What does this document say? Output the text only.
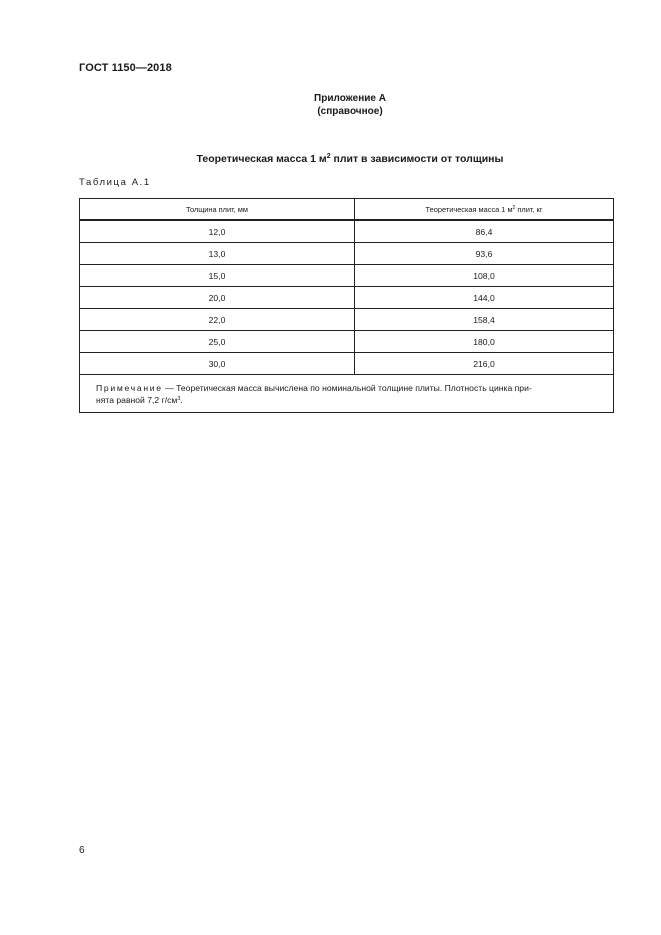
ГОСТ 1150—2018
Приложение А
(справочное)
Теоретическая масса 1 $м^2$ плит в зависимости от толщины
Таблица А.1
Толщина плит, мм	Теоретическая масса 1 $м^2$ плит, кг
12,0	86,4
13,0	93,6
15,0	108,0
20,0	144,0
22,0	158,4
25,0	180,0
30,0	216,0
Примечание — Теоретическая масса вычислена по номинальной толщине плиты. Плотность цинка при-
нята равной 7,2 $г/см^3$.	
6
